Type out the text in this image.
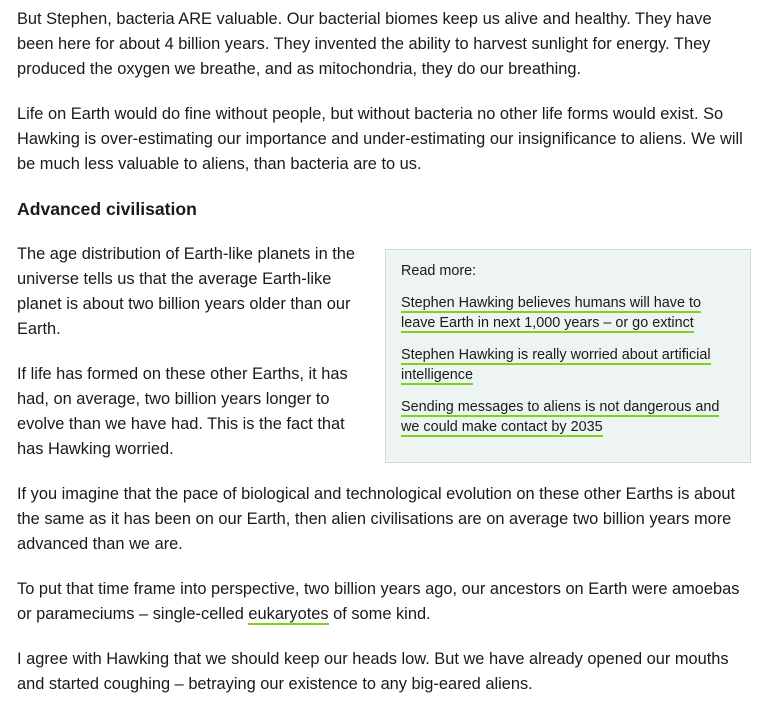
But Stephen, bacteria ARE valuable. Our bacterial biomes keep us alive and healthy. They have been here for about 4 billion years. They invented the ability to harvest sunlight for energy. They produced the oxygen we breathe, and as mitochondria, they do our breathing.

Life on Earth would do fine without people, but without bacteria no other life forms would exist. So Hawking is over-estimating our importance and under-estimating our insignificance to aliens. We will be much less valuable to aliens, than bacteria are to us.

Advanced civilisation

The age distribution of Earth-like planets in the universe tells us that the average Earth-like planet is about two billion years older than our Earth.

If life has formed on these other Earths, it has had, on average, two billion years longer to evolve than we have had. This is the fact that has Hawking worried.

Read more:

Stephen Hawking believes humans will have to leave Earth in next 1,000 years – or go extinct
Stephen Hawking is really worried about artificial intelligence
Sending messages to aliens is not dangerous and we could make contact by 2035

If you imagine that the pace of biological and technological evolution on these other Earths is about the same as it has been on our Earth, then alien civilisations are on average two billion years more advanced than we are.

To put that time frame into perspective, two billion years ago, our ancestors on Earth were amoebas or parameciums – single-celled eukaryotes of some kind.

I agree with Hawking that we should keep our heads low. But we have already opened our mouths and started coughing – betraying our existence to any big-eared aliens.
